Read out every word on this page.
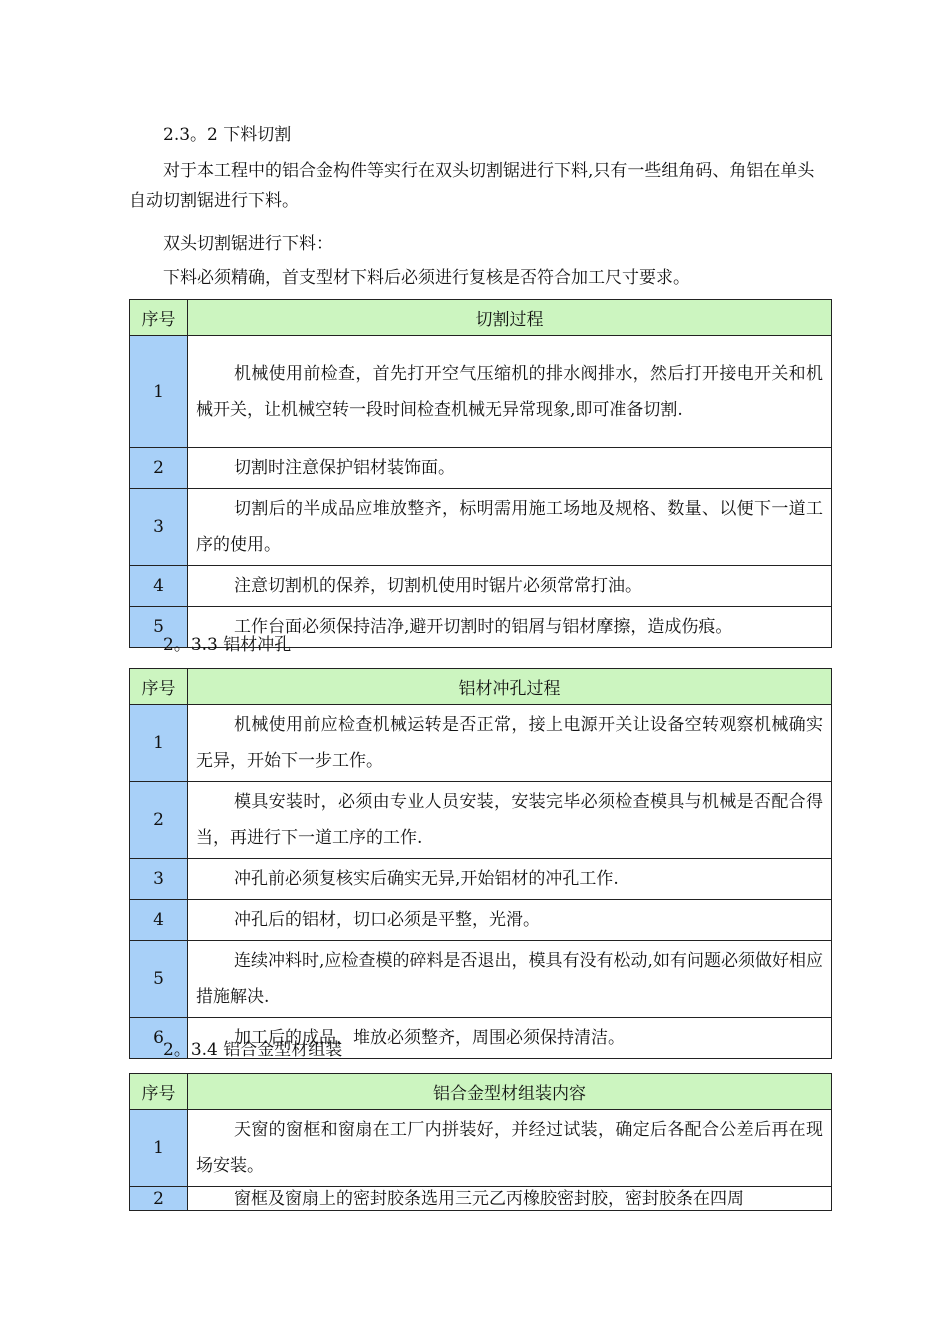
2.3。2 下料切割

对于本工程中的铝合金构件等实行在双头切割锯进行下料,只有一些组角码、角铝在单头自动切割锯进行下料。

双头切割锯进行下料：

下料必须精确，首支型材下料后必须进行复核是否符合加工尺寸要求。

序号	切割过程
1	机械使用前检查，首先打开空气压缩机的排水阀排水，然后打开接电开关和机械开关，让机械空转一段时间检查机械无异常现象,即可准备切割.
2	切割时注意保护铝材装饰面。
3	切割后的半成品应堆放整齐，标明需用施工场地及规格、数量、以便下一道工序的使用。
4	注意切割机的保养，切割机使用时锯片必须常常打油。
5	工作台面必须保持洁净,避开切割时的铝屑与铝材摩擦，造成伤痕。

2。3.3 铝材冲孔

序号	铝材冲孔过程
1	机械使用前应检查机械运转是否正常，接上电源开关让设备空转观察机械确实无异，开始下一步工作。
2	模具安装时，必须由专业人员安装，安装完毕必须检查模具与机械是否配合得当，再进行下一道工序的工作.
3	冲孔前必须复核实后确实无异,开始铝材的冲孔工作.
4	冲孔后的铝材，切口必须是平整，光滑。
5	连续冲料时,应检查模的碎料是否退出，模具有没有松动,如有问题必须做好相应措施解决.
6	加工后的成品，堆放必须整齐，周围必须保持清洁。

2。3.4 铝合金型材组装

序号	铝合金型材组装内容
1	天窗的窗框和窗扇在工厂内拼装好，并经过试装，确定后各配合公差后再在现场安装。
2	窗框及窗扇上的密封胶条选用三元乙丙橡胶密封胶，密封胶条在四周
